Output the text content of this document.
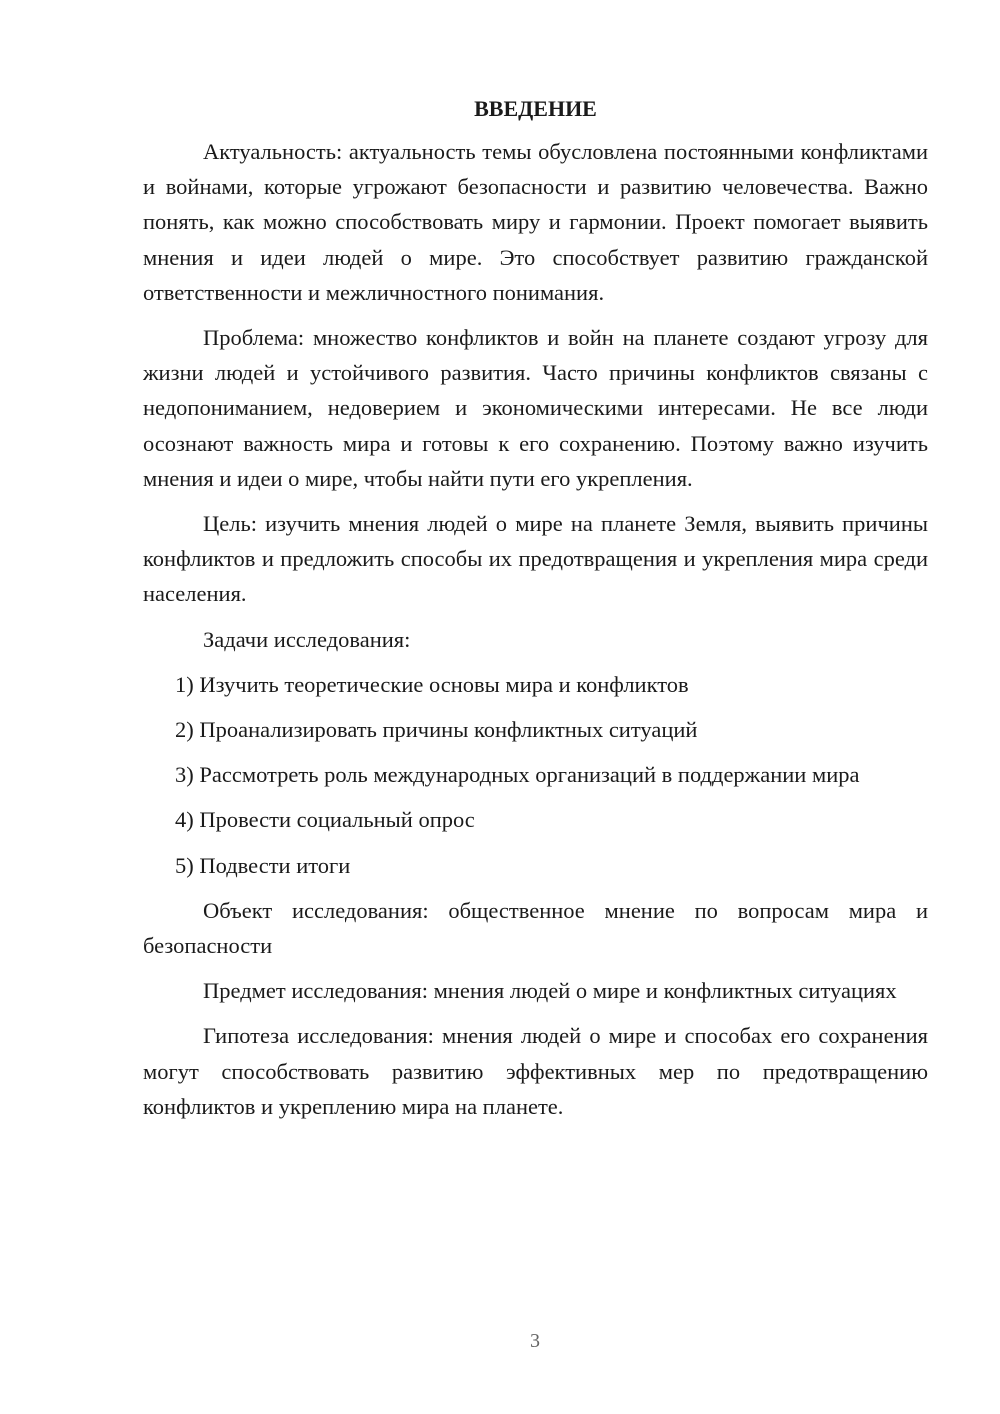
ВВЕДЕНИЕ

Актуальность: актуальность темы обусловлена постоянными конфликтами и войнами, которые угрожают безопасности и развитию человечества. Важно понять, как можно способствовать миру и гармонии. Проект помогает выявить мнения и идеи людей о мире. Это способствует развитию гражданской ответственности и межличностного понимания.

Проблема: множество конфликтов и войн на планете создают угрозу для жизни людей и устойчивого развития. Часто причины конфликтов связаны с недопониманием, недоверием и экономическими интересами. Не все люди осознают важность мира и готовы к его сохранению. Поэтому важно изучить мнения и идеи о мире, чтобы найти пути его укрепления.

Цель: изучить мнения людей о мире на планете Земля, выявить причины конфликтов и предложить способы их предотвращения и укрепления мира среди населения.

Задачи исследования:

1) Изучить теоретические основы мира и конфликтов

2) Проанализировать причины конфликтных ситуаций

3) Рассмотреть роль международных организаций в поддержании мира

4) Провести социальный опрос

5) Подвести итоги

Объект исследования: общественное мнение по вопросам мира и безопасности

Предмет исследования: мнения людей о мире и конфликтных ситуациях

Гипотеза исследования: мнения людей о мире и способах его сохранения могут способствовать развитию эффективных мер по предотвращению конфликтов и укреплению мира на планете.

3
